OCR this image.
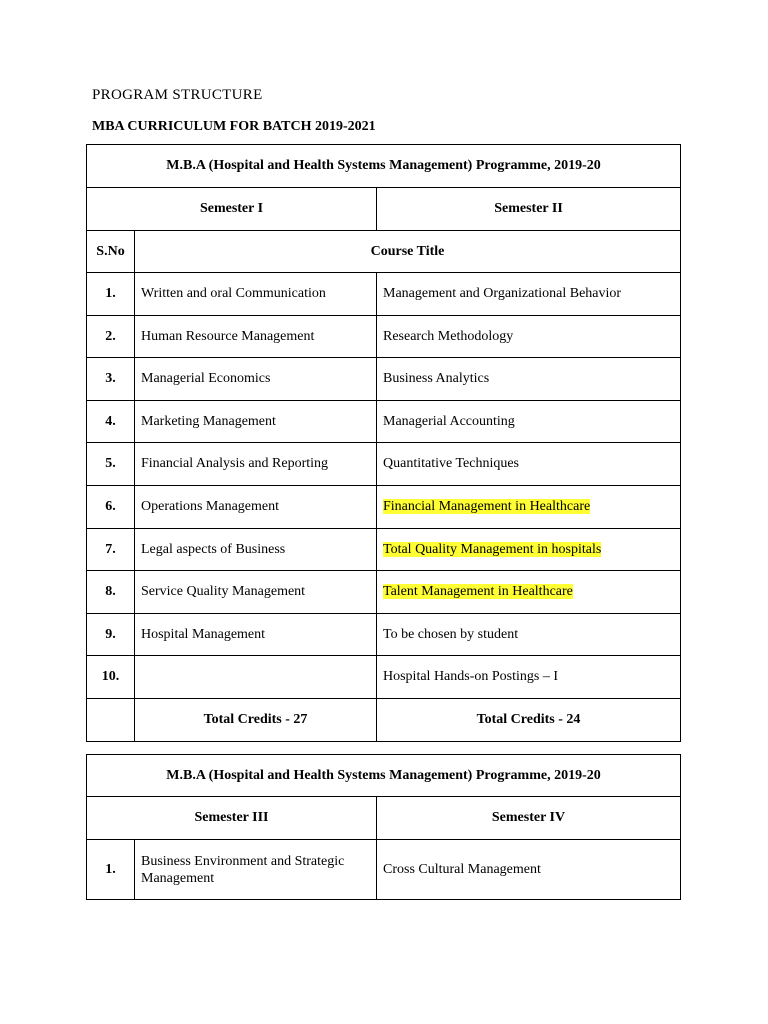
PROGRAM STRUCTURE
MBA CURRICULUM FOR BATCH 2019-2021
M.B.A (Hospital and Health Systems Management) Programme, 2019-20		
Semester I		Semester II
S.No	Course Title	
1.	Written and oral Communication	Management and Organizational Behavior
2.	Human Resource Management	Research Methodology
3.	Managerial Economics	Business Analytics
4.	Marketing Management	Managerial Accounting
5.	Financial Analysis and Reporting	Quantitative Techniques
6.	Operations Management	Financial Management in Healthcare
7.	Legal aspects of Business	Total Quality Management in hospitals
8.	Service Quality Management	Talent Management in Healthcare
9.	Hospital Management	To be chosen by student
10.		Hospital Hands-on Postings – I
	Total Credits - 27	Total Credits - 24
M.B.A (Hospital and Health Systems Management) Programme, 2019-20		
Semester III		Semester IV
1.	Business Environment and Strategic Management	Cross Cultural Management
